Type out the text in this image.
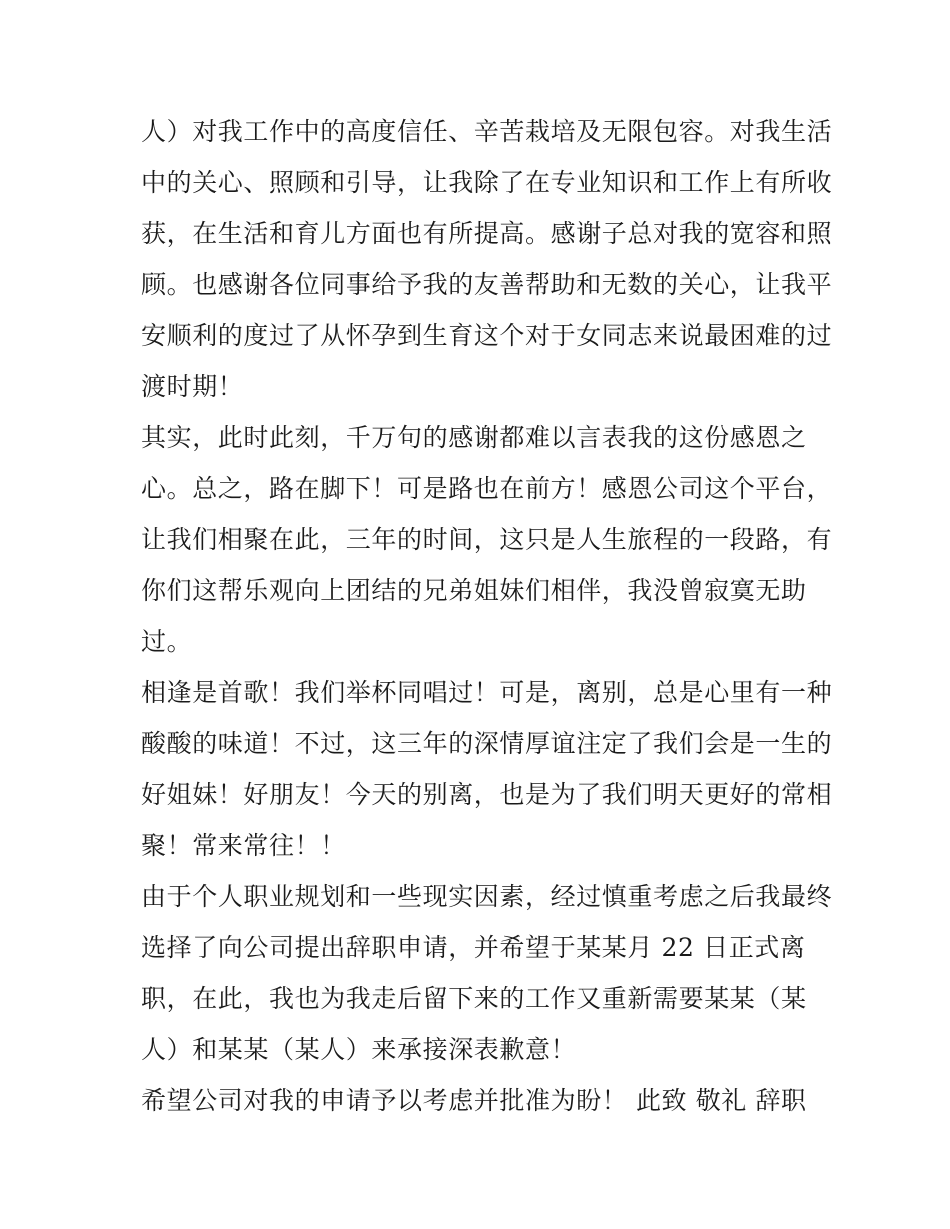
人）对我工作中的高度信任、辛苦栽培及无限包容。对我生活
中的关心、照顾和引导，让我除了在专业知识和工作上有所收
获，在生活和育儿方面也有所提高。感谢子总对我的宽容和照
顾。也感谢各位同事给予我的友善帮助和无数的关心，让我平
安顺利的度过了从怀孕到生育这个对于女同志来说最困难的过
渡时期！
其实，此时此刻，千万句的感谢都难以言表我的这份感恩之
心。总之，路在脚下！可是路也在前方！感恩公司这个平台，
让我们相聚在此，三年的时间，这只是人生旅程的一段路，有
你们这帮乐观向上团结的兄弟姐妹们相伴，我没曾寂寞无助
过。
相逢是首歌！我们举杯同唱过！可是，离别，总是心里有一种
酸酸的味道！不过，这三年的深情厚谊注定了我们会是一生的
好姐妹！好朋友！今天的别离，也是为了我们明天更好的常相
聚！常来常往！！
由于个人职业规划和一些现实因素，经过慎重考虑之后我最终
选择了向公司提出辞职申请，并希望于某某月 22 日正式离
职，在此，我也为我走后留下来的工作又重新需要某某（某
人）和某某（某人）来承接深表歉意！
希望公司对我的申请予以考虑并批准为盼！ 此致 敬礼 辞职
